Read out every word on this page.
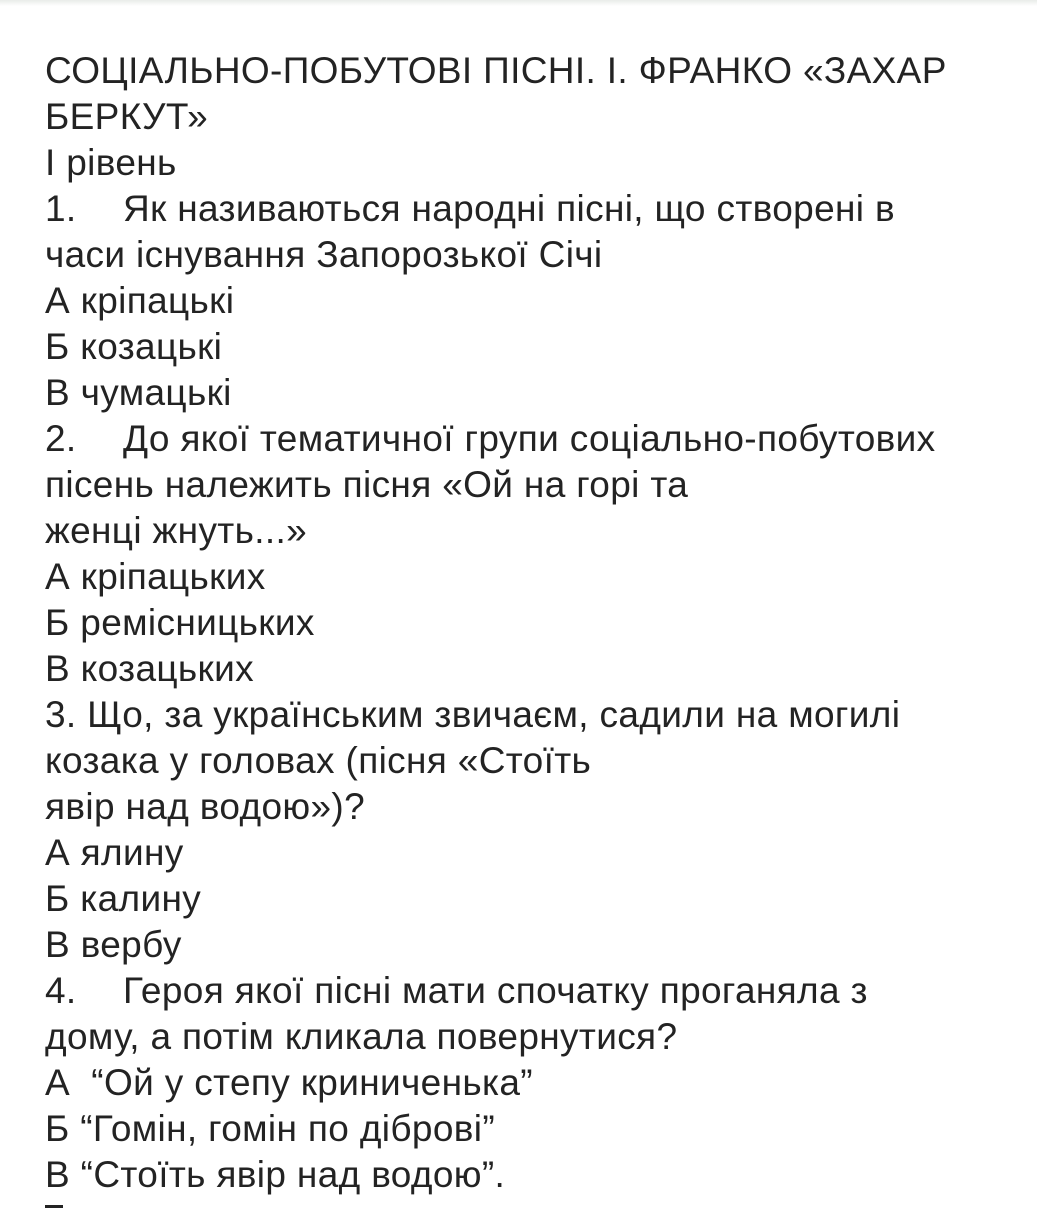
СОЦІАЛЬНО-ПОБУТОВІ ПІСНІ. І. ФРАНКО «ЗАХАР
БЕРКУТ»
І рівень
1. Як називаються народні пісні, що створені в
часи існування Запорозької Січі
А кріпацькі
Б козацькі
В чумацькі
2. До якої тематичної групи соціально-побутових
пісень належить пісня «Ой на горі та
женці жнуть...»
А кріпацьких
Б ремісницьких
В козацьких
3. Що, за українським звичаєм, садили на могилі
козака у головах (пісня «Стоїть
явір над водою»)?
А ялину
Б калину
В вербу
4. Героя якої пісні мати спочатку проганяла з
дому, а потім кликала повернутися?
А  “Ой у степу криниченька”
Б “Гомін, гомін по діброві”
В “Стоїть явір над водою”.
